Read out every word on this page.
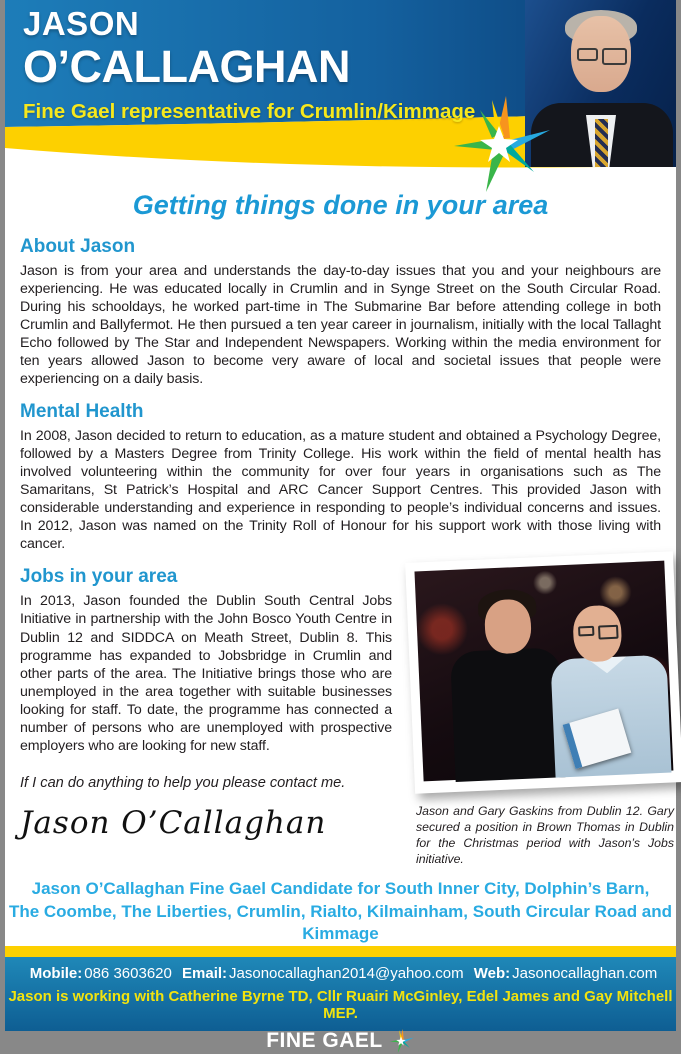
JASON
O’CALLAGHAN
Fine Gael representative for Crumlin/Kimmage
Getting things done in your area
About Jason

Jason is from your area and understands the day-to-day issues that you and your neighbours are experiencing. He was educated locally in Crumlin and in Synge Street on the South Circular Road. During his schooldays, he worked part-time in The Submarine Bar before attending college in both Crumlin and Ballyfermot. He then pursued a ten year career in journalism, initially with the local Tallaght Echo followed by The Star and Independent Newspapers. Working within the media environment for ten years allowed Jason to become very aware of local and societal issues that people were experiencing on a daily basis.

Mental Health

In 2008, Jason decided to return to education, as a mature student and obtained a Psychology Degree, followed by a Masters Degree from Trinity College. His work within the field of mental health has involved volunteering within the community for over four years in organisations such as The Samaritans, St Patrick’s Hospital and ARC Cancer Support Centres. This provided Jason with considerable understanding and experience in responding to people’s individual concerns and issues. In 2012, Jason was named on the Trinity Roll of Honour for his support work with those living with cancer.

Jobs in your area

In 2013, Jason founded the Dublin South Central Jobs Initiative in partnership with the John Bosco Youth Centre in Dublin 12 and SIDDCA on Meath Street, Dublin 8. This programme has expanded to Jobsbridge in Crumlin and other parts of the area. The Initiative brings those who are unemployed in the area together with suitable businesses looking for staff. To date, the programme has connected a number of persons who are unemployed with prospective employers who are looking for new staff.

If I can do anything to help you please contact me.

Jason O’Callaghan	Jason and Gary Gaskins from Dublin 12. Gary secured a position in Brown Thomas in Dublin for the Christmas period with Jason’s Jobs initiative.

Jason O’Callaghan Fine Gael Candidate for South Inner City, Dolphin’s Barn,
The Coombe, The Liberties, Crumlin, Rialto, Kilmainham, South Circular Road and Kimmage
Mobile: 086 3603620 Email: Jasonocallaghan2014@yahoo.com Web: Jasonocallaghan.com
Jason is working with Catherine Byrne TD, Cllr Ruairi McGinley, Edel James and Gay Mitchell MEP.
FINE GAEL
